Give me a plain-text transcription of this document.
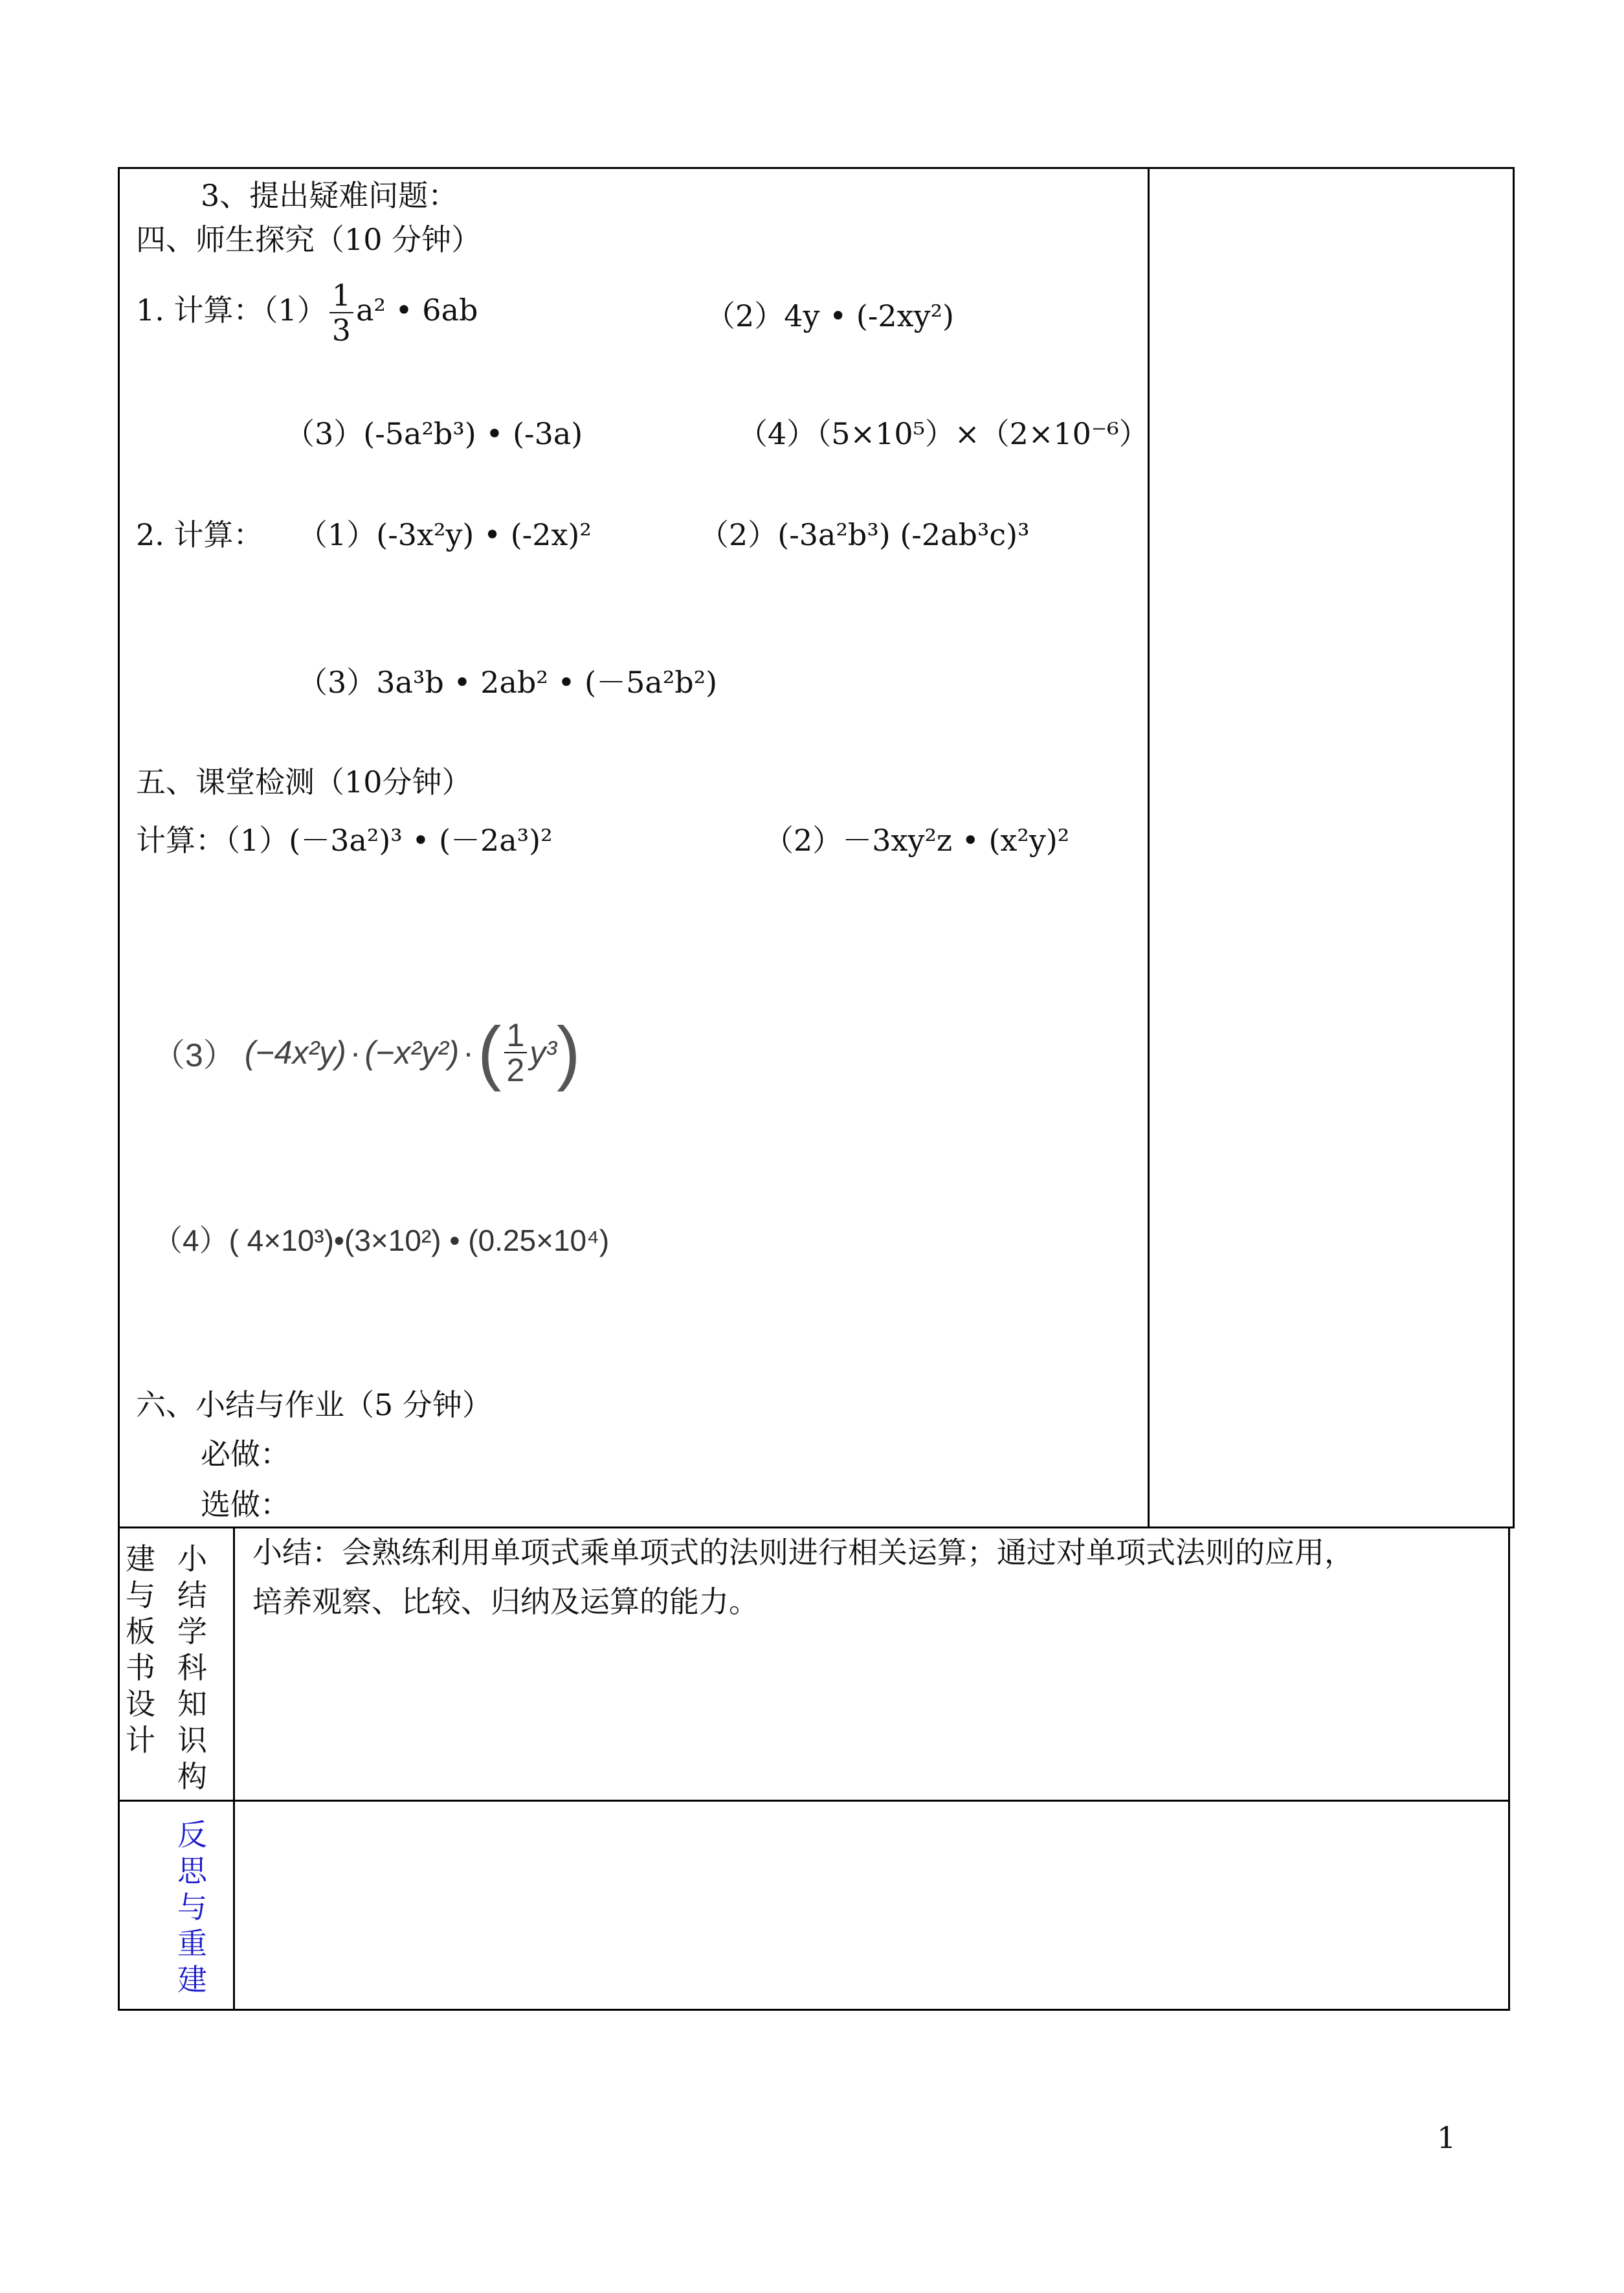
3、提出疑难问题：
四、师生探究（10 分钟）
1. 计算：$(1) \frac{1}{3} a^2$ • 6ab	（2）4y • (-2xy²)
（3）(-5a²b³) • (-3a)	（4）（5×10⁵）×（2×10⁻⁶）
2. 计算： （1）(-3x²y) • (-2x)²	（2）(-3a²b³) (-2ab³c)³
（3）3a³b • 2ab² • (－5a²b²)
五、课堂检测（10分钟）
计算：（1）(－3a²)³ • (－2a³)²	（2）－3xy²z • (x²y)²
（3） (−4x²y) · (−x²y²) · ( $\frac{1}{2} y^3$ )
（4）( 4×10³)•(3×10²) • (0.25×10⁴)
六、小结与作业（5 分钟）
必做：
选做：
建与板书设计
小结学科知识构
小结：会熟练利用单项式乘单项式的法则进行相关运算；通过对单项式法则的应用，
培养观察、比较、归纳及运算的能力。
反思与重建
1
